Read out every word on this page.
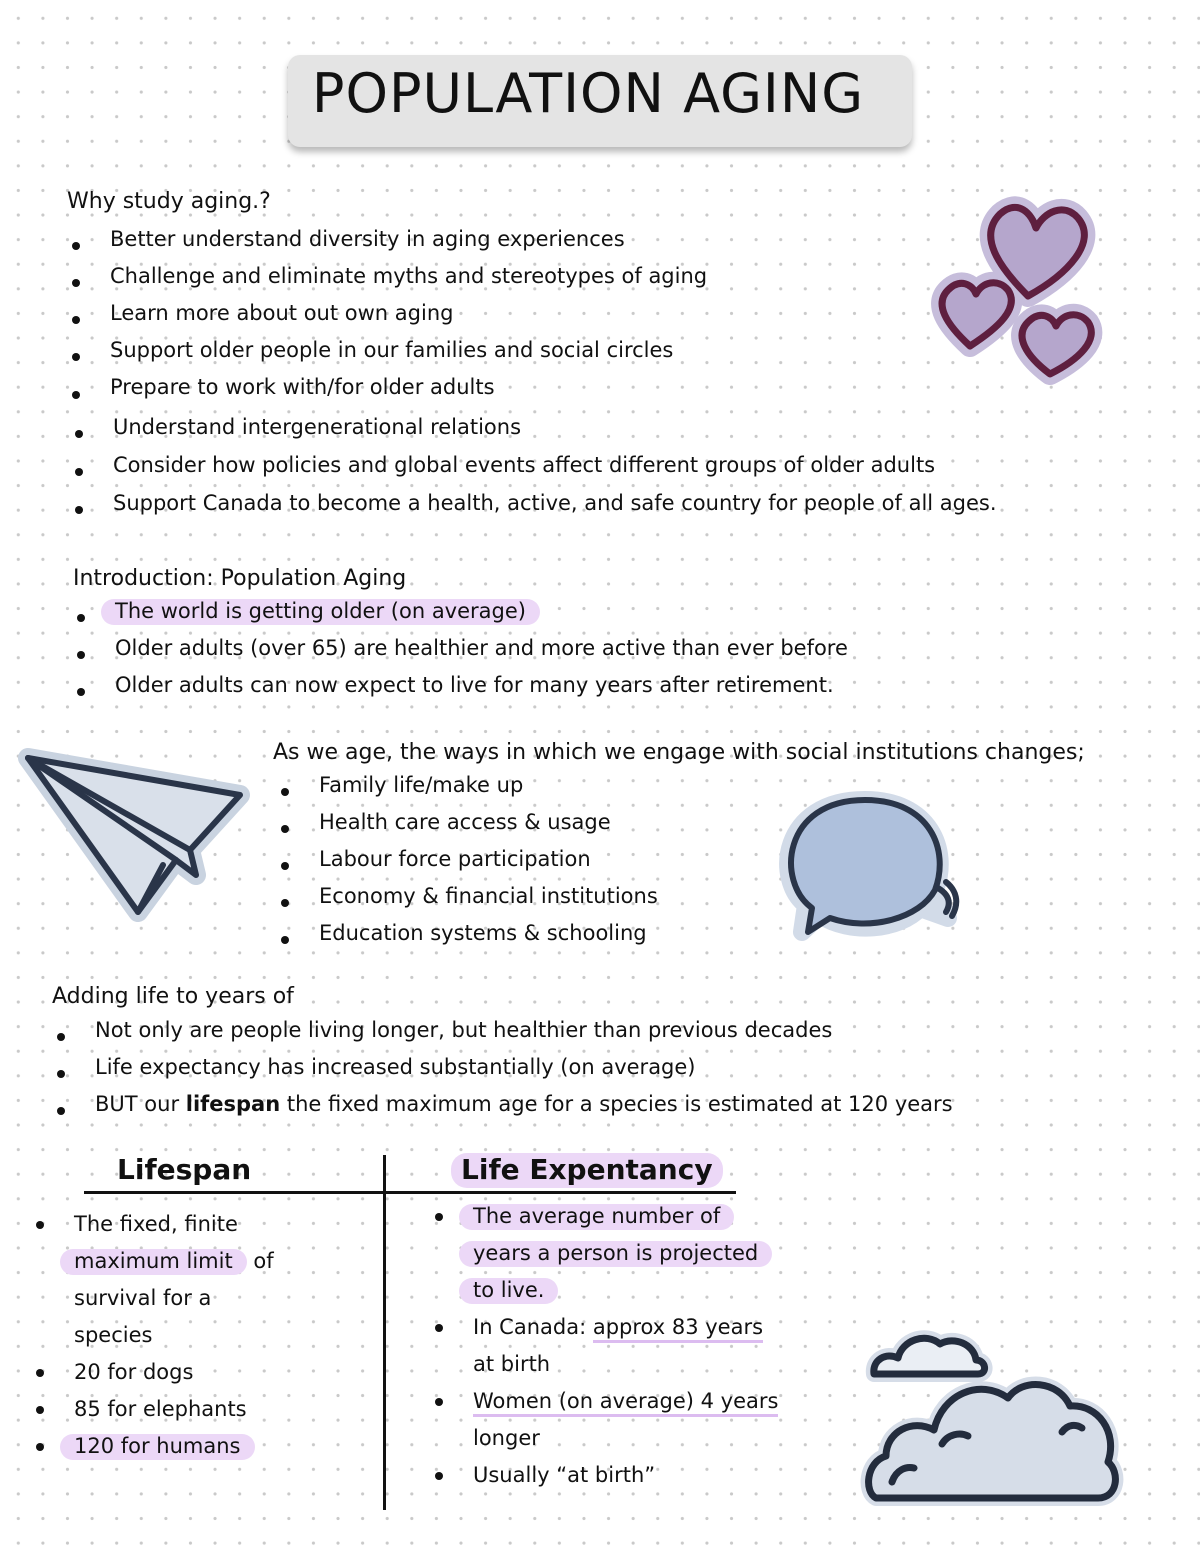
POPULATION AGING
Why study aging.?
Better understand diversity in aging experiences
Challenge and eliminate myths and stereotypes of aging
Learn more about out own aging
Support older people in our families and social circles
Prepare to work with/for older adults
Understand intergenerational relations
Consider how policies and global events affect different groups of older adults
Support Canada to become a health, active, and safe country for people of all ages.
Introduction: Population Aging
The world is getting older (on average)
Older adults (over 65) are healthier and more active than ever before
Older adults can now expect to live for many years after retirement.
As we age, the ways in which we engage with social institutions changes;
Family life/make up
Health care access & usage
Labour force participation
Economy & financial institutions
Education systems & schooling
Adding life to years of
Not only are people living longer, but healthier than previous decades
Life expectancy has increased substantially (on average)
BUT our lifespan the fixed maximum age for a species is estimated at 120 years
Lifespan
The fixed, finite
maximum limit of
survival for a
species
20 for dogs
85 for elephants
120 for humans
Life Expentancy
The average number of
years a person is projected
to live.
In Canada: approx 83 years
at birth
Women (on average) 4 years
longer
Usually “at birth”
